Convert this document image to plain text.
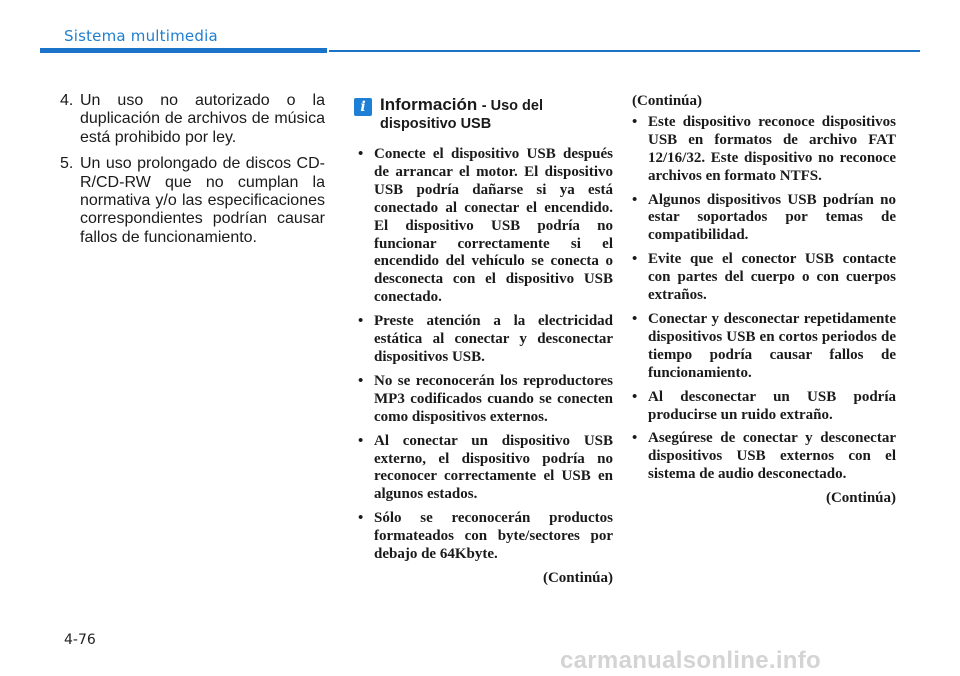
Sistema multimedia
4. Un uso no autorizado o la duplicación de archivos de música está prohibido por ley.
5. Un uso prolongado de discos CD-R/CD-RW que no cumplan la normativa y/o las especificaciones correspondientes podrían causar fallos de funcionamiento.
i Información - Uso del dispositivo USB
• Conecte el dispositivo USB después de arrancar el motor. El dispositivo USB podría dañarse si ya está conectado al conectar el encendido. El dispositivo USB podría no funcionar correctamente si el encendido del vehículo se conecta o desconecta con el dispositivo USB conectado.
• Preste atención a la electricidad estática al conectar y desconectar dispositivos USB.
• No se reconocerán los reproductores MP3 codificados cuando se conecten como dispositivos externos.
• Al conectar un dispositivo USB externo, el dispositivo podría no reconocer correctamente el USB en algunos estados.
• Sólo se reconocerán productos formateados con byte/sectores por debajo de 64Kbyte.
(Continúa)
(Continúa)
• Este dispositivo reconoce dispositivos USB en formatos de archivo FAT 12/16/32. Este dispositivo no reconoce archivos en formato NTFS.
• Algunos dispositivos USB podrían no estar soportados por temas de compatibilidad.
• Evite que el conector USB contacte con partes del cuerpo o con cuerpos extraños.
• Conectar y desconectar repetidamente dispositivos USB en cortos periodos de tiempo podría causar fallos de funcionamiento.
• Al desconectar un USB podría producirse un ruido extraño.
• Asegúrese de conectar y desconectar dispositivos USB externos con el sistema de audio desconectado.
(Continúa)
4-76
carmanualsonline.info
